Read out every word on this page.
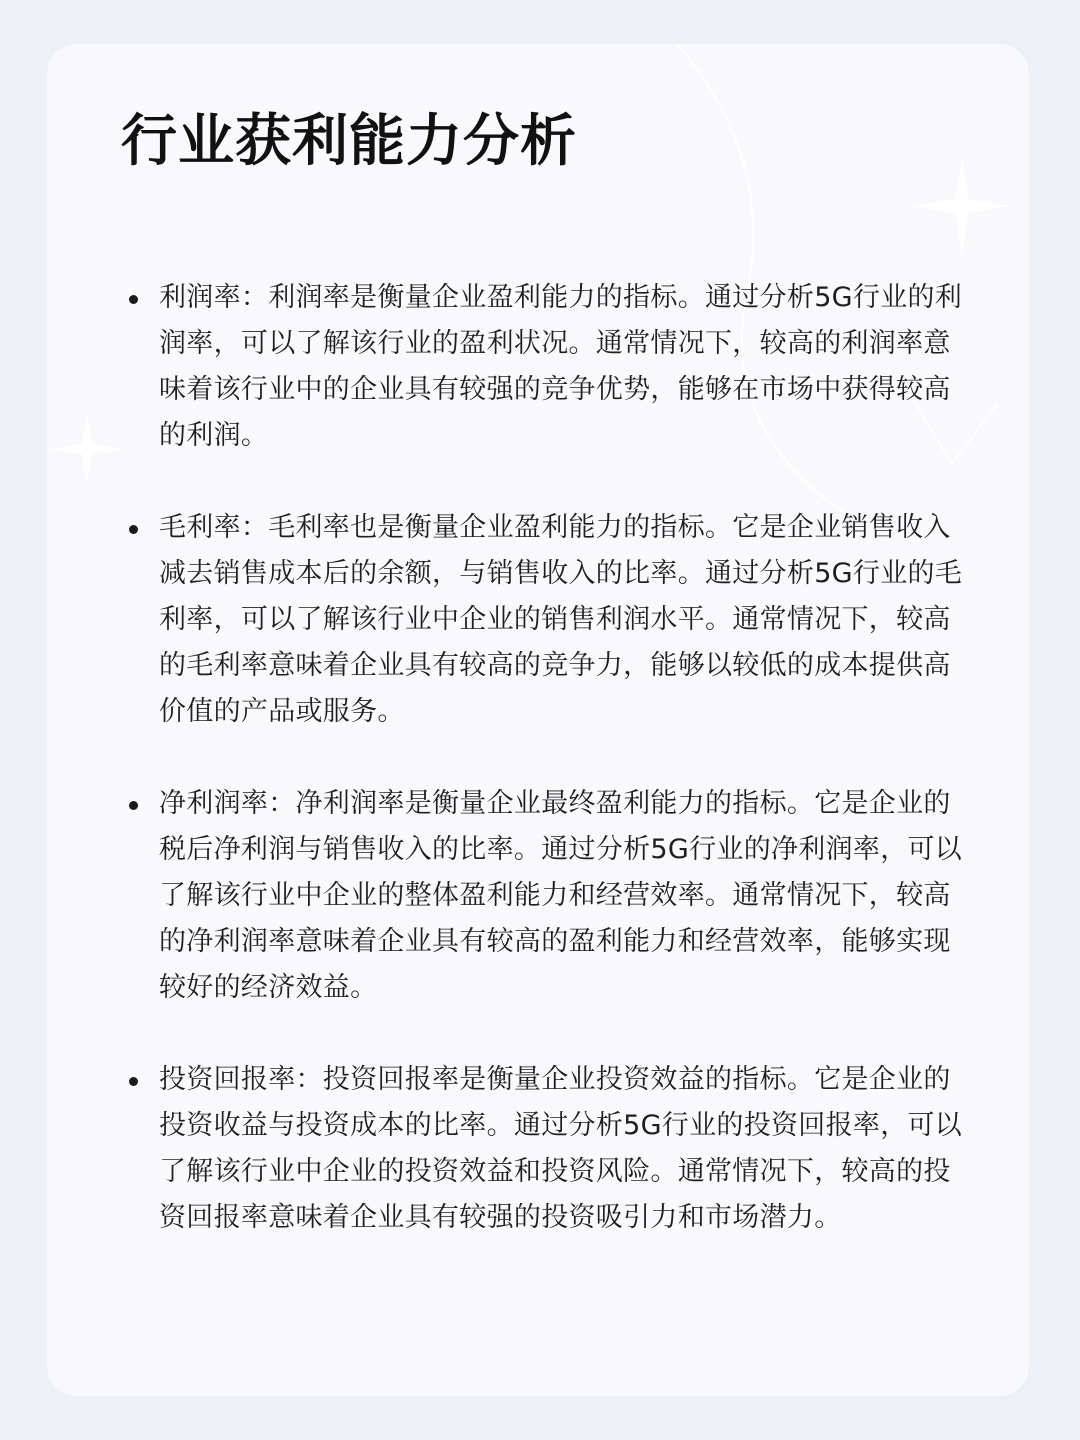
行业获利能力分析

利润率：利润率是衡量企业盈利能力的指标。通过分析5G行业的利润率，可以了解该行业的盈利状况。通常情况下，较高的利润率意味着该行业中的企业具有较强的竞争优势，能够在市场中获得较高的利润。

毛利率：毛利率也是衡量企业盈利能力的指标。它是企业销售收入减去销售成本后的余额，与销售收入的比率。通过分析5G行业的毛利率，可以了解该行业中企业的销售利润水平。通常情况下，较高的毛利率意味着企业具有较高的竞争力，能够以较低的成本提供高价值的产品或服务。

净利润率：净利润率是衡量企业最终盈利能力的指标。它是企业的税后净利润与销售收入的比率。通过分析5G行业的净利润率，可以了解该行业中企业的整体盈利能力和经营效率。通常情况下，较高的净利润率意味着企业具有较高的盈利能力和经营效率，能够实现较好的经济效益。

投资回报率：投资回报率是衡量企业投资效益的指标。它是企业的投资收益与投资成本的比率。通过分析5G行业的投资回报率，可以了解该行业中企业的投资效益和投资风险。通常情况下，较高的投资回报率意味着企业具有较强的投资吸引力和市场潜力。
